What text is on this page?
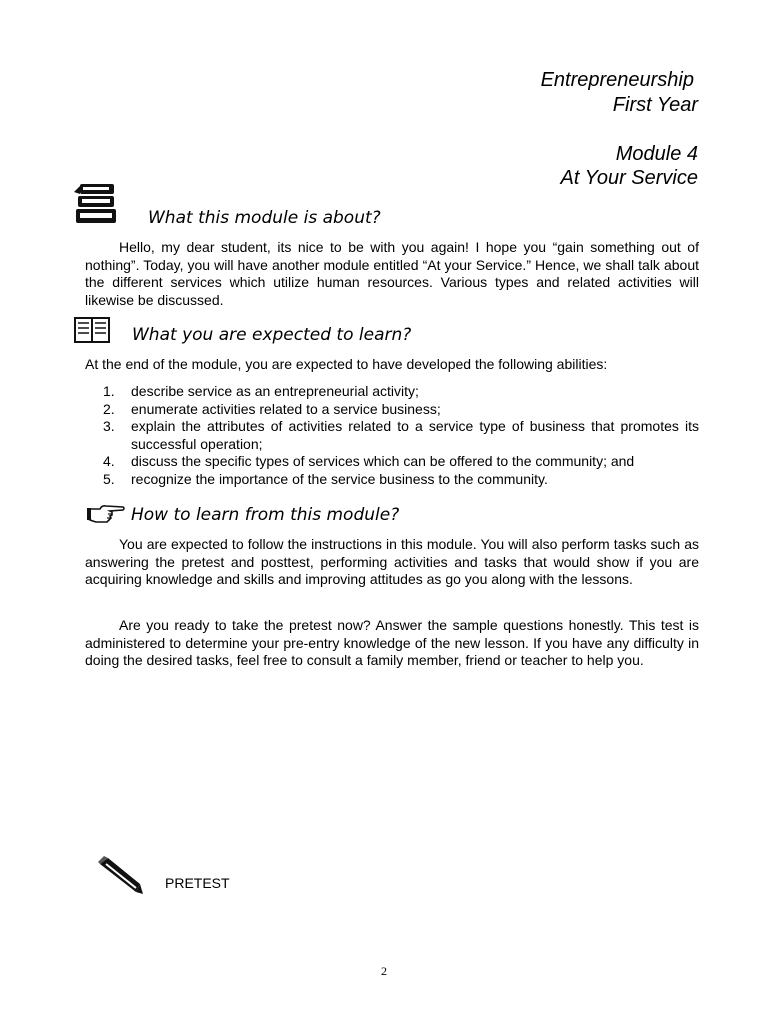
Entrepreneurship
First Year
Module 4
At Your Service
What this module is about?
Hello, my dear student, its nice to be with you again! I hope you “gain something out of nothing”. Today, you will have another module entitled “At your Service.” Hence, we shall talk about the different services which utilize human resources. Various types and related activities will likewise be discussed.
What you are expected to learn?
At the end of the module, you are expected to have developed the following abilities:
1. describe service as an entrepreneurial activity;
2. enumerate activities related to a service business;
3. explain the attributes of activities related to a service type of business that promotes its successful operation;
4. discuss the specific types of services which can be offered to the community; and
5. recognize the importance of the service business to the community.
How to learn from this module?
You are expected to follow the instructions in this module. You will also perform tasks such as answering the pretest and posttest, performing activities and tasks that would show if you are acquiring knowledge and skills and improving attitudes as go you along with the lessons.
Are you ready to take the pretest now? Answer the sample questions honestly. This test is administered to determine your pre-entry knowledge of the new lesson. If you have any difficulty in doing the desired tasks, feel free to consult a family member, friend or teacher to help you.
PRETEST
2
